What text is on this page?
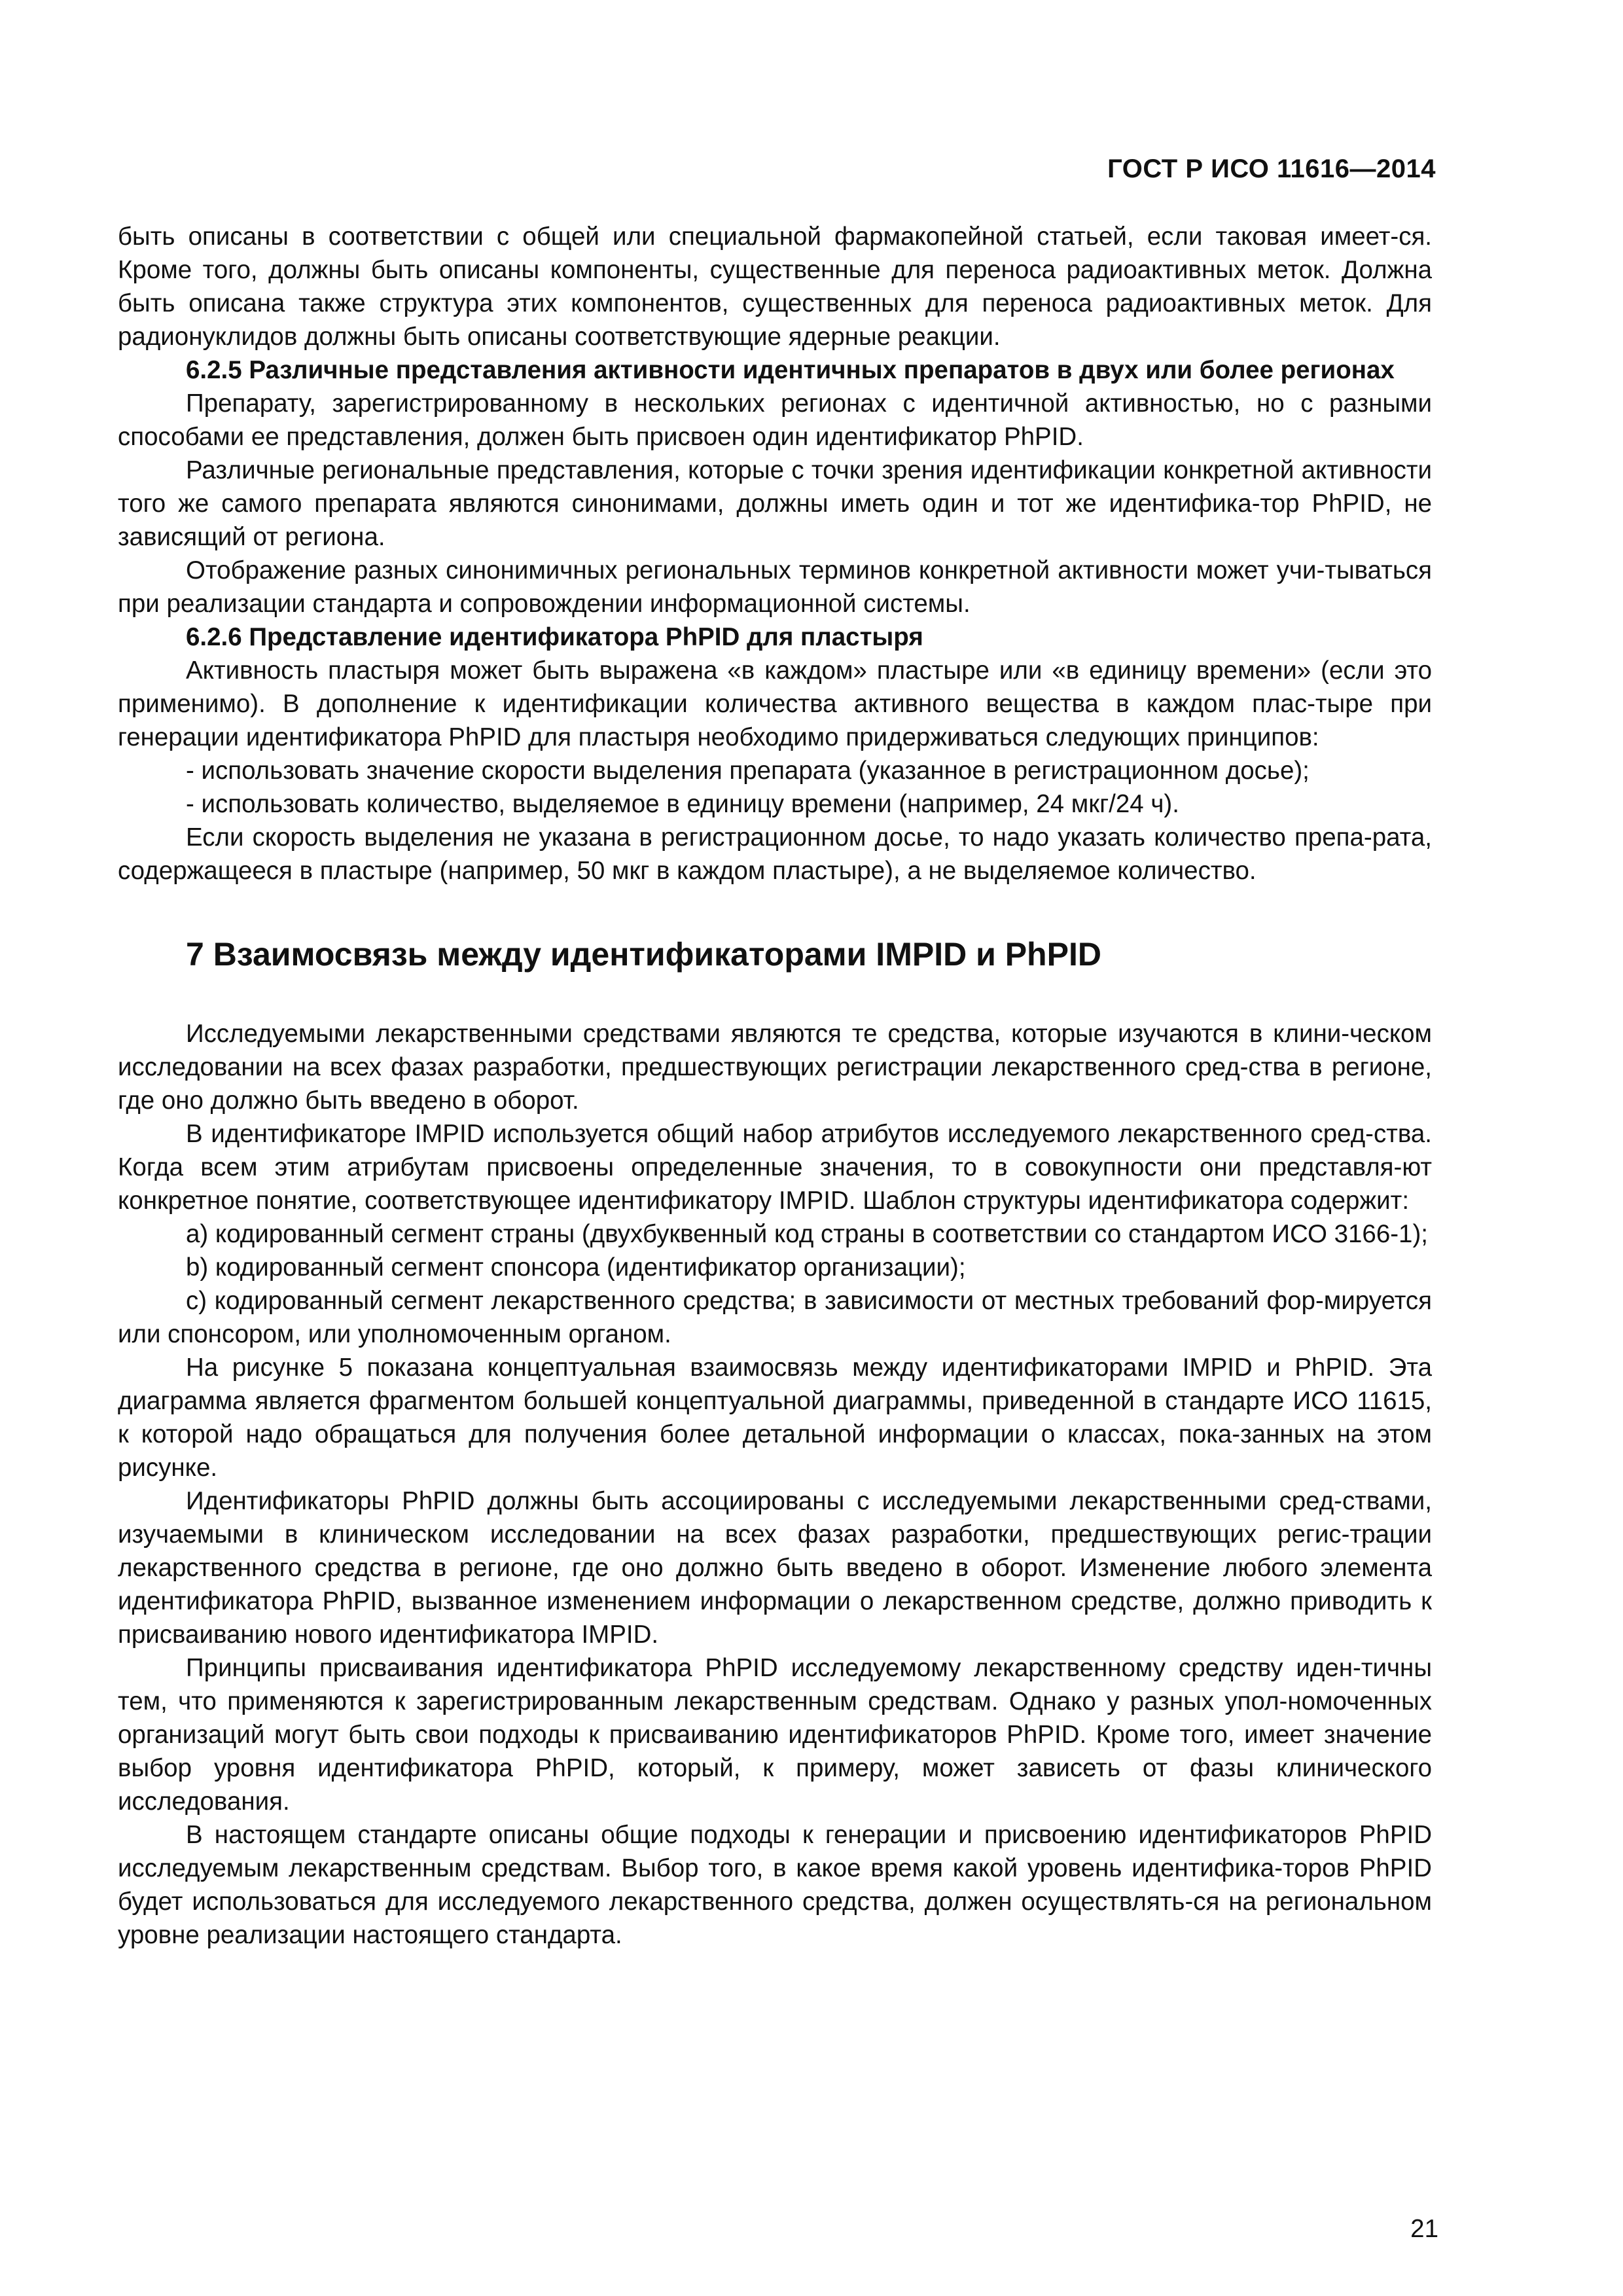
ГОСТ Р ИСО 11616—2014

быть описаны в соответствии с общей или специальной фармакопейной статьей, если таковая имеет-ся. Кроме того, должны быть описаны компоненты, существенные для переноса радиоактивных меток. Должна быть описана также структура этих компонентов, существенных для переноса радиоактивных меток. Для радионуклидов должны быть описаны соответствующие ядерные реакции.

6.2.5 Различные представления активности идентичных препаратов в двух или более регионах

Препарату, зарегистрированному в нескольких регионах с идентичной активностью, но с разными способами ее представления, должен быть присвоен один идентификатор PhPID.

Различные региональные представления, которые с точки зрения идентификации конкретной активности того же самого препарата являются синонимами, должны иметь один и тот же идентифика-тор PhPID, не зависящий от региона.

Отображение разных синонимичных региональных терминов конкретной активности может учи-тываться при реализации стандарта и сопровождении информационной системы.

6.2.6 Представление идентификатора PhPID для пластыря

Активность пластыря может быть выражена «в каждом» пластыре или «в единицу времени» (если это применимо). В дополнение к идентификации количества активного вещества в каждом плас-тыре при генерации идентификатора PhPID для пластыря необходимо придерживаться следующих принципов:

- использовать значение скорости выделения препарата (указанное в регистрационном досье);

- использовать количество, выделяемое в единицу времени (например, 24 мкг/24 ч).

Если скорость выделения не указана в регистрационном досье, то надо указать количество препа-рата, содержащееся в пластыре (например, 50 мкг в каждом пластыре), а не выделяемое количество.

7 Взаимосвязь между идентификаторами IMPID и PhPID

Исследуемыми лекарственными средствами являются те средства, которые изучаются в клини-ческом исследовании на всех фазах разработки, предшествующих регистрации лекарственного сред-ства в регионе, где оно должно быть введено в оборот.

В идентификаторе IMPID используется общий набор атрибутов исследуемого лекарственного сред-ства. Когда всем этим атрибутам присвоены определенные значения, то в совокупности они представля-ют конкретное понятие, соответствующее идентификатору IMPID. Шаблон структуры идентификатора содержит:

a) кодированный сегмент страны (двухбуквенный код страны в соответствии со стандартом ИСО 3166-1);

b) кодированный сегмент спонсора (идентификатор организации);

c) кодированный сегмент лекарственного средства; в зависимости от местных требований фор-мируется или спонсором, или уполномоченным органом.

На рисунке 5 показана концептуальная взаимосвязь между идентификаторами IMPID и PhPID. Эта диаграмма является фрагментом большей концептуальной диаграммы, приведенной в стандарте ИСО 11615, к которой надо обращаться для получения более детальной информации о классах, пока-занных на этом рисунке.

Идентификаторы PhPID должны быть ассоциированы с исследуемыми лекарственными сред-ствами, изучаемыми в клиническом исследовании на всех фазах разработки, предшествующих регис-трации лекарственного средства в регионе, где оно должно быть введено в оборот. Изменение любого элемента идентификатора PhPID, вызванное изменением информации о лекарственном средстве, должно приводить к присваиванию нового идентификатора IMPID.

Принципы присваивания идентификатора PhPID исследуемому лекарственному средству иден-тичны тем, что применяются к зарегистрированным лекарственным средствам. Однако у разных упол-номоченных организаций могут быть свои подходы к присваиванию идентификаторов PhPID. Кроме того, имеет значение выбор уровня идентификатора PhPID, который, к примеру, может зависеть от фазы клинического исследования.

В настоящем стандарте описаны общие подходы к генерации и присвоению идентификаторов PhPID исследуемым лекарственным средствам. Выбор того, в какое время какой уровень идентифика-торов PhPID будет использоваться для исследуемого лекарственного средства, должен осуществлять-ся на региональном уровне реализации настоящего стандарта.

21
